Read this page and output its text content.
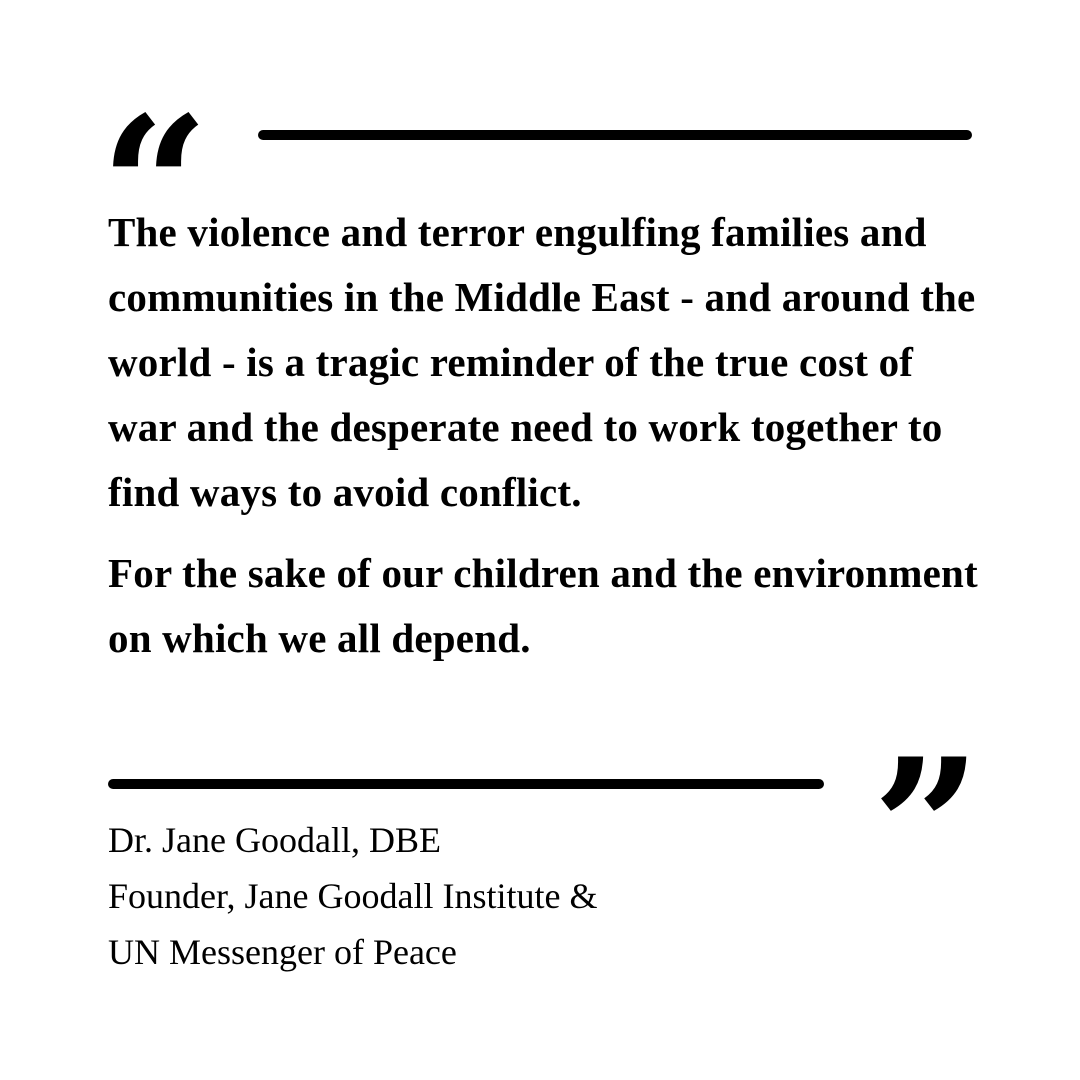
“

The violence and terror engulfing families and communities in the Middle East - and around the world - is a tragic reminder of the true cost of war and the desperate need to work together to find ways to avoid conflict.

For the sake of our children and the environment on which we all depend.

”
Dr. Jane Goodall, DBE
Founder, Jane Goodall Institute &
UN Messenger of Peace
